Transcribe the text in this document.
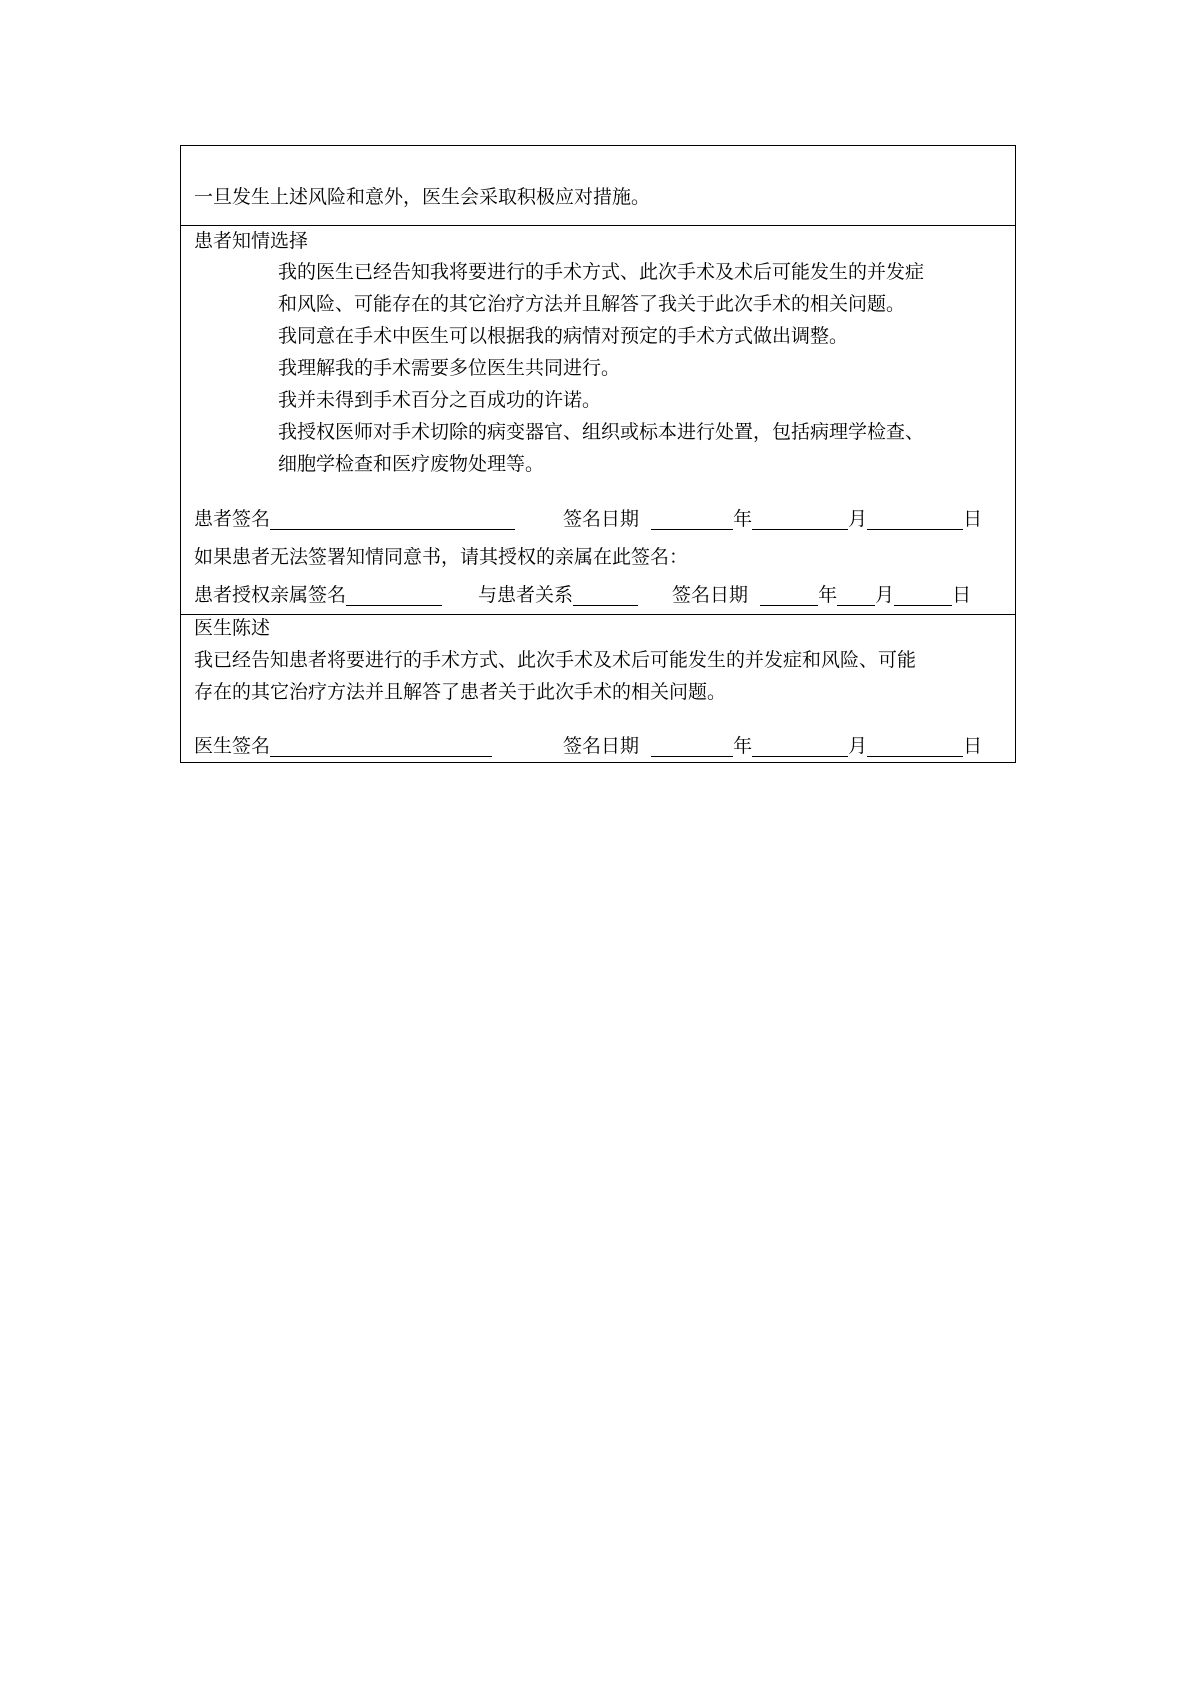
一旦发生上述风险和意外，医生会采取积极应对措施。
患者知情选择
我的医生已经告知我将要进行的手术方式、此次手术及术后可能发生的并发症
和风险、可能存在的其它治疗方法并且解答了我关于此次手术的相关问题。
我同意在手术中医生可以根据我的病情对预定的手术方式做出调整。
我理解我的手术需要多位医生共同进行。
我并未得到手术百分之百成功的许诺。
我授权医师对手术切除的病变器官、组织或标本进行处置，包括病理学检查、
细胞学检查和医疗废物处理等。
患者签名	签名日期	年	月	日
如果患者无法签署知情同意书，请其授权的亲属在此签名：
患者授权亲属签名	与患者关系	签名日期	年 月	日
医生陈述
我已经告知患者将要进行的手术方式、此次手术及术后可能发生的并发症和风险、可能
存在的其它治疗方法并且解答了患者关于此次手术的相关问题。
医生签名	签名日期	年	月	日
